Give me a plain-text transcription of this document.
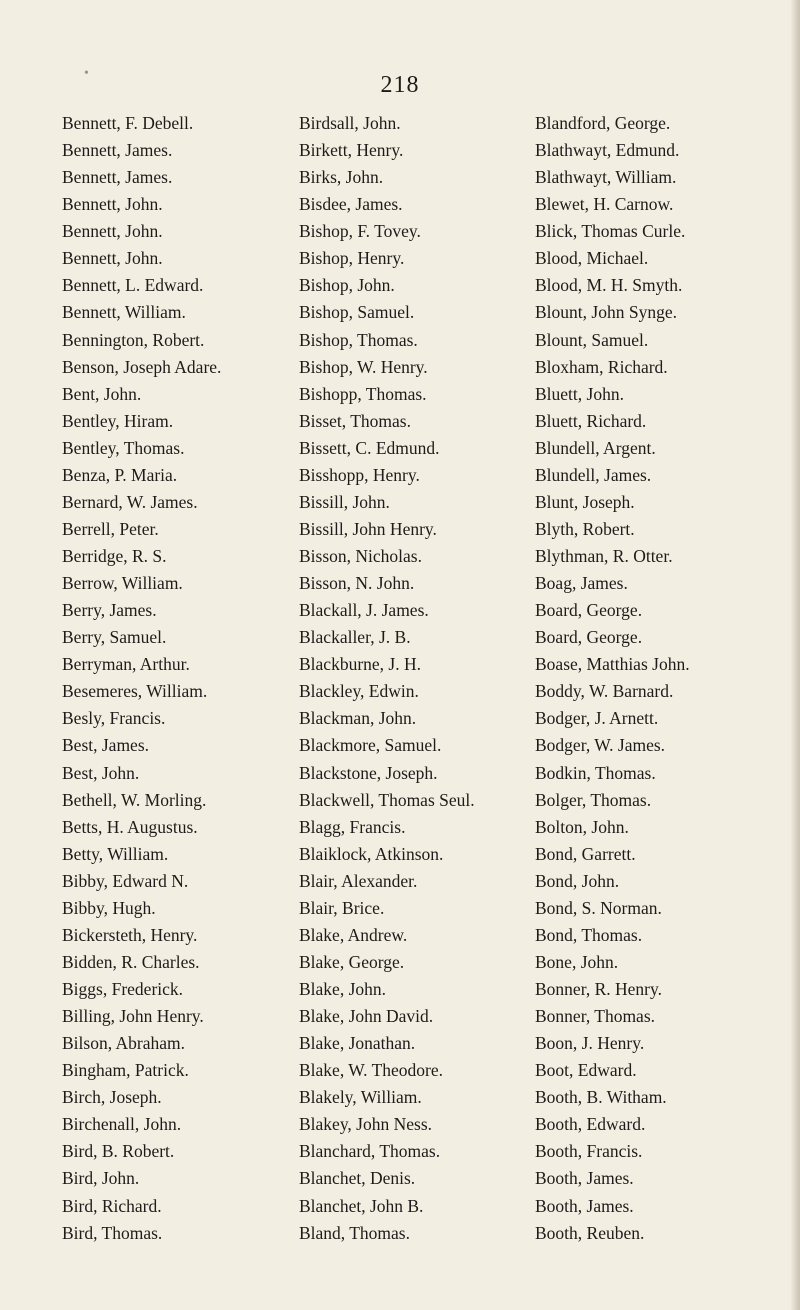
•	218
Bennett, F. Debell.
Bennett, James.
Bennett, James.
Bennett, John.
Bennett, John.
Bennett, John.
Bennett, L. Edward.
Bennett, William.
Bennington, Robert.
Benson, Joseph Adare.
Bent, John.
Bentley, Hiram.
Bentley, Thomas.
Benza, P. Maria.
Bernard, W. James.
Berrell, Peter.
Berridge, R. S.
Berrow, William.
Berry, James.
Berry, Samuel.
Berryman, Arthur.
Besemeres, William.
Besly, Francis.
Best, James.
Best, John.
Bethell, W. Morling.
Betts, H. Augustus.
Betty, William.
Bibby, Edward N.
Bibby, Hugh.
Bickersteth, Henry.
Bidden, R. Charles.
Biggs, Frederick.
Billing, John Henry.
Bilson, Abraham.
Bingham, Patrick.
Birch, Joseph.
Birchenall, John.
Bird, B. Robert.
Bird, John.
Bird, Richard.
Bird, Thomas.
Birdsall, John.
Birkett, Henry.
Birks, John.
Bisdee, James.
Bishop, F. Tovey.
Bishop, Henry.
Bishop, John.
Bishop, Samuel.
Bishop, Thomas.
Bishop, W. Henry.
Bishopp, Thomas.
Bisset, Thomas.
Bissett, C. Edmund.
Bisshopp, Henry.
Bissill, John.
Bissill, John Henry.
Bisson, Nicholas.
Bisson, N. John.
Blackall, J. James.
Blackaller, J. B.
Blackburne, J. H.
Blackley, Edwin.
Blackman, John.
Blackmore, Samuel.
Blackstone, Joseph.
Blackwell, Thomas Seul.
Blagg, Francis.
Blaiklock, Atkinson.
Blair, Alexander.
Blair, Brice.
Blake, Andrew.
Blake, George.
Blake, John.
Blake, John David.
Blake, Jonathan.
Blake, W. Theodore.
Blakely, William.
Blakey, John Ness.
Blanchard, Thomas.
Blanchet, Denis.
Blanchet, John B.
Bland, Thomas.
Blandford, George.
Blathwayt, Edmund.
Blathwayt, William.
Blewet, H. Carnow.
Blick, Thomas Curle.
Blood, Michael.
Blood, M. H. Smyth.
Blount, John Synge.
Blount, Samuel.
Bloxham, Richard.
Bluett, John.
Bluett, Richard.
Blundell, Argent.
Blundell, James.
Blunt, Joseph.
Blyth, Robert.
Blythman, R. Otter.
Boag, James.
Board, George.
Board, George.
Boase, Matthias John.
Boddy, W. Barnard.
Bodger, J. Arnett.
Bodger, W. James.
Bodkin, Thomas.
Bolger, Thomas.
Bolton, John.
Bond, Garrett.
Bond, John.
Bond, S. Norman.
Bond, Thomas.
Bone, John.
Bonner, R. Henry.
Bonner, Thomas.
Boon, J. Henry.
Boot, Edward.
Booth, B. Witham.
Booth, Edward.
Booth, Francis.
Booth, James.
Booth, James.
Booth, Reuben.
